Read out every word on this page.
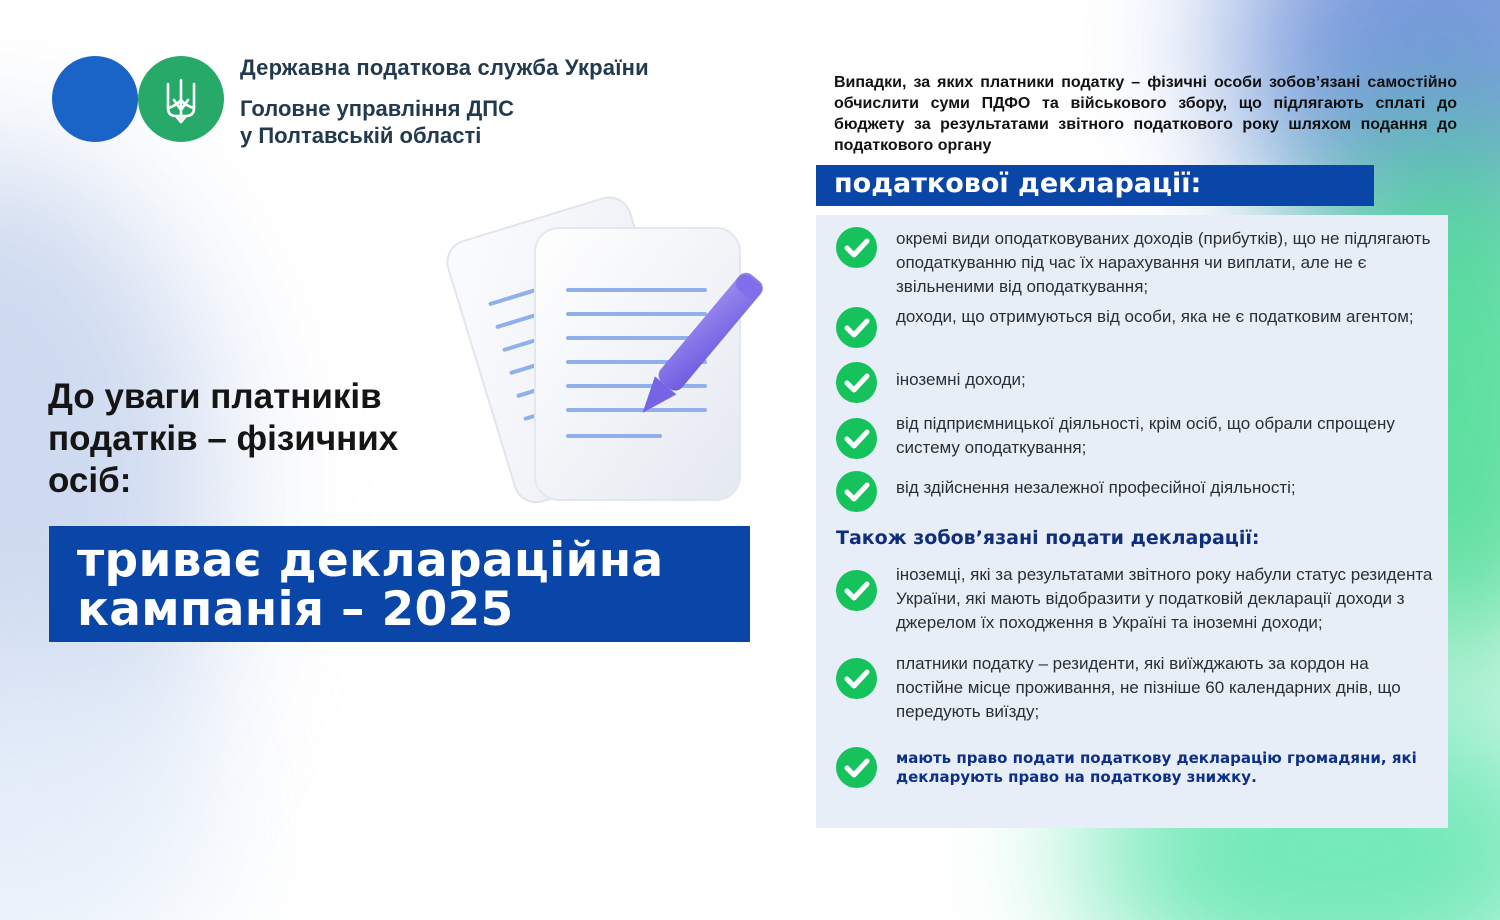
Державна податкова служба України
Головне управління ДПС
у Полтавській області
До уваги платників
податків – фізичних
осіб:
триває декларацiйна
кампанія – 2025
Випадки, за яких платники податку – фізичні особи зобов’язані самостійно обчислити суми ПДФО та військового збору, що підлягають сплаті до бюджету за результатами звітного податкового року шляхом подання до податкового органу
податкової декларації:
окремі види оподатковуваних доходів (прибутків), що не підлягають оподаткуванню під час їх нарахування чи виплати, але не є звільненими від оподаткування;
доходи, що отримуються від особи, яка не є податковим агентом;
іноземні доходи;
від підприємницької діяльності, крім осіб, що обрали спрощену систему оподаткування;
від здійснення незалежної професійної діяльності;
іноземці, які за результатами звітного року набули статус резидента України, які мають відобразити у податковій декларації доходи з джерелом їх походження в Україні та іноземні доходи;
платники податку – резиденти, які виїжджають за кордон на постійне місце проживання, не пізніше 60 календарних днів, що передують виїзду;
мають право подати податкову декларацію громадяни, які декларують право на податкову знижку.
Також зобов’язані подати декларації:
